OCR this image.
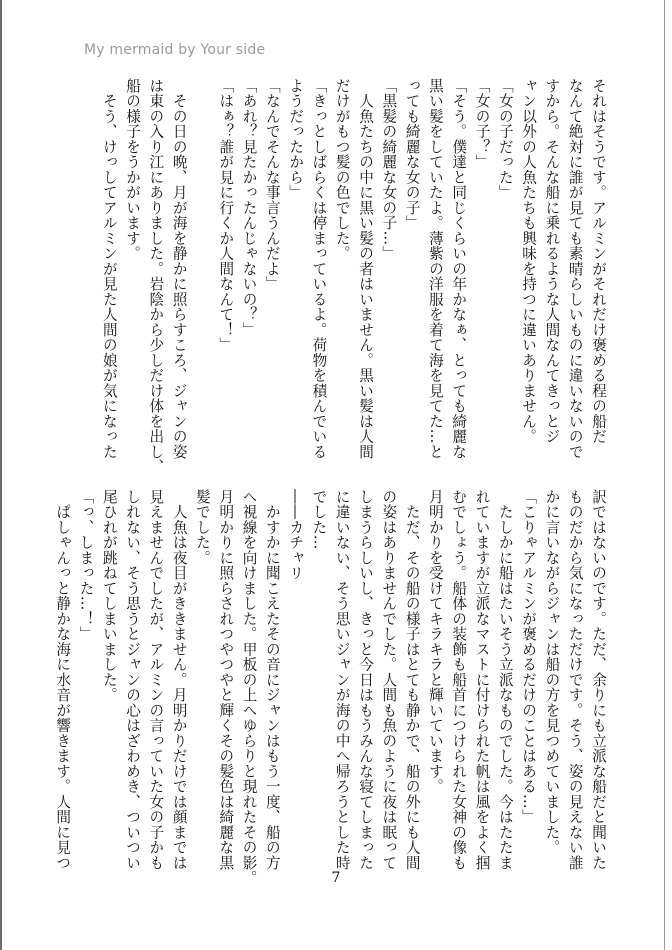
My mermaid by Your side
それはそうです。アルミンがそれだけ褒める程の船だ
なんて絶対に誰が見ても素晴らしいものに違いないので
すから。そんな船に乗れるような人間なんてきっとジ
ャン以外の人魚たちも興味を持つに違いありません。
「女の子だった」
「女の子？」
「そう。僕達と同じくらいの年かなぁ、とっても綺麗な
黒い髪をしていたよ。薄紫の洋服を着て海を見てた…と
っても綺麗な女の子」
「黒髪の綺麗な女の子…」
　人魚たちの中に黒い髪の者はいません。黒い髪は人間
だけがもつ髪の色でした。
「きっとしばらくは停まっているよ。荷物を積んでいる
ようだったから」
「なんでそんな事言うんだよ」
「あれ？見たかったんじゃないの？」
「はぁ？誰が見に行くか人間なんて！」

　その日の晩、月が海を静かに照らすころ、ジャンの姿
は東の入り江にありました。岩陰から少しだけ体を出し、
船の様子をうかがいます。
　そう、けっしてアルミンが見た人間の娘が気になった
訳ではないのです。ただ、余りにも立派な船だと聞いた
ものだから気になっただけです。そう、姿の見えない誰
かに言いながらジャンは船の方を見つめていました。
「こりゃアルミンが褒めるだけのことはある…」
　たしかに船はたいそう立派なものでした。今はたたま
れていますが立派なマストに付けられた帆は風をよく掴
むでしょう。船体の装飾も船首につけられた女神の像も
月明かりを受けてキラキラと輝いています。
　ただ、その船の様子はとても静かで、船の外にも人間
の姿はありませんでした。人間も魚のように夜は眠って
しまうらしいし、きっと今日はもうみんな寝てしまった
に違いない、そう思いジャンが海の中へ帰ろうとした時
でした…
――カチャリ
　かすかに聞こえたその音にジャンはもう一度、船の方
へ視線を向けました。甲板の上へゆらりと現れたその影。
月明かりに照らされつやつやと輝くその髪色は綺麗な黒
髪でした。
　人魚は夜目がききません。月明かりだけでは顔までは
見えませんでしたが、アルミンの言っていた女の子かも
しれない、そう思うとジャンの心はざわめき、ついつい
尾ひれが跳ねてしまいました。
「っ、しまった…！」
　ぱしゃんっと静かな海に水音が響きます。人間に見つ
7
